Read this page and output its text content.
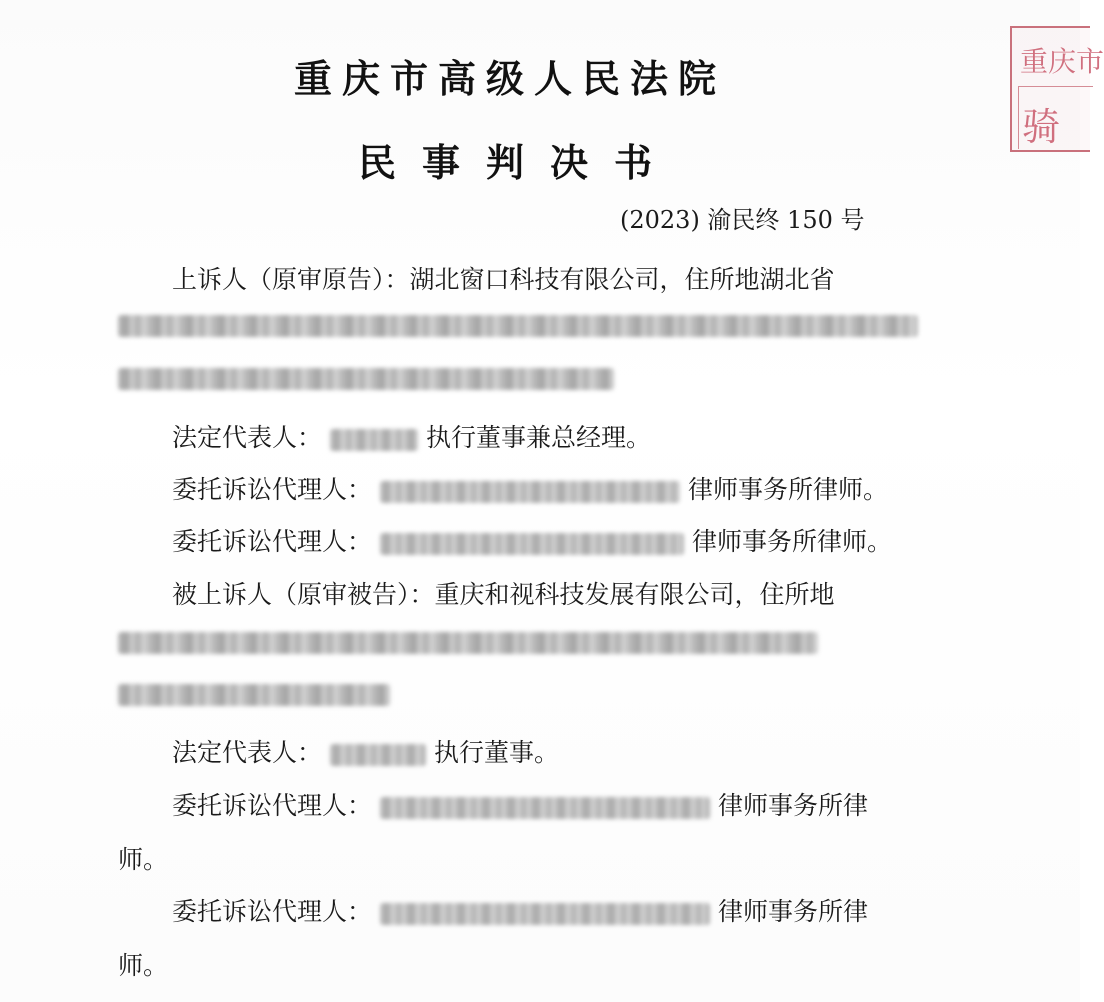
重庆市高级人民法院
民事判决书
(2023) 渝民终 150 号
重庆市
骑
上诉人（原审原告）：湖北窗口科技有限公司，住所地湖北省
法定代表人：	执行董事兼总经理。
委托诉讼代理人：	律师事务所律师。
委托诉讼代理人：	律师事务所律师。
被上诉人（原审被告）：重庆和视科技发展有限公司，住所地
法定代表人：	执行董事。
委托诉讼代理人：	律师事务所律
师。
委托诉讼代理人：	律师事务所律
师。
